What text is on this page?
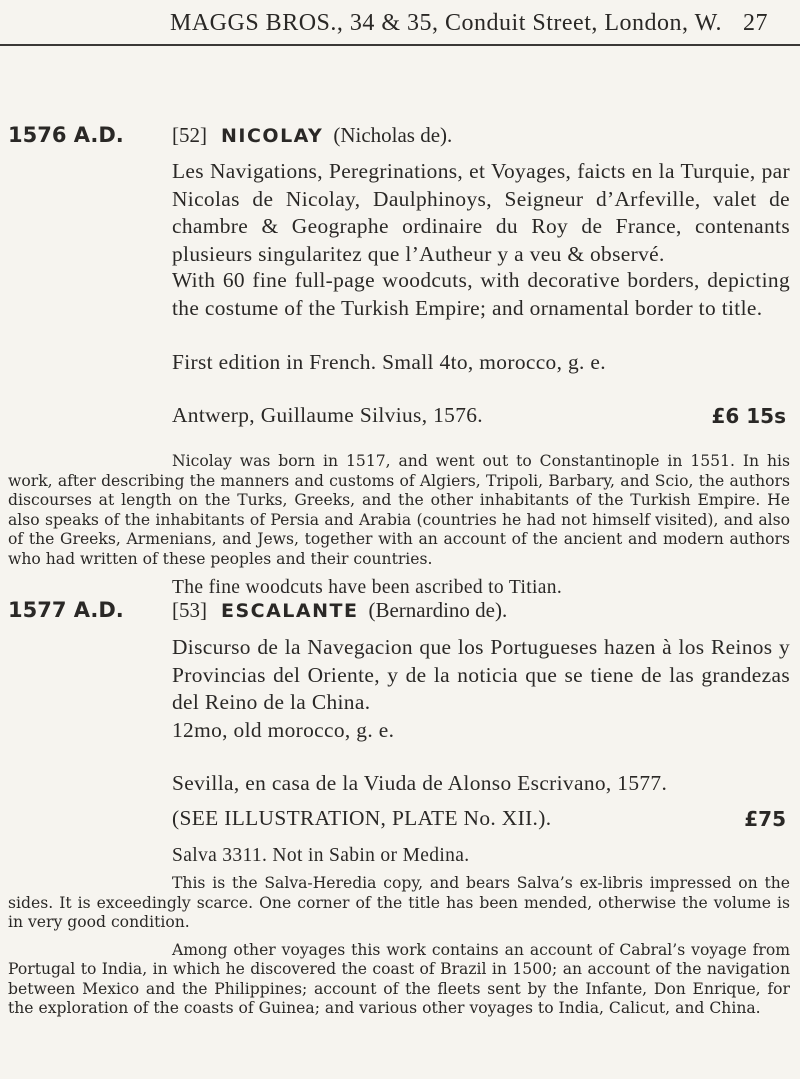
MAGGS BROS., 34 & 35, Conduit Street, London, W. 27
1576 A.D. [52] NICOLAY (Nicholas de).

Les Navigations, Peregrinations, et Voyages, faicts en la Turquie, par Nicolas de Nicolay, Daulphinoys, Seigneur d’Arfeville, valet de chambre & Geographe ordinaire du Roy de France, contenants plusieurs singularitez que l’Autheur y a veu & observé.

With 60 fine full-page woodcuts, with decorative borders, depicting the costume of the Turkish Empire; and ornamental border to title.

First edition in French. Small 4to, morocco, g. e.

Antwerp, Guillaume Silvius, 1576.	£6 15s

Nicolay was born in 1517, and went out to Constantinople in 1551. In his work, after describing the manners and customs of Algiers, Tripoli, Barbary, and Scio, the authors discourses at length on the Turks, Greeks, and the other inhabitants of the Turkish Empire. He also speaks of the inhabitants of Persia and Arabia (countries he had not himself visited), and also of the Greeks, Armenians, and Jews, together with an account of the ancient and modern authors who had written of these peoples and their countries.

The fine woodcuts have been ascribed to Titian.

1577 A.D. [53] ESCALANTE (Bernardino de).

Discurso de la Navegacion que los Portugueses hazen à los Reinos y Provincias del Oriente, y de la noticia que se tiene de las grandezas del Reino de la China.

12mo, old morocco, g. e.

Sevilla, en casa de la Viuda de Alonso Escrivano, 1577.

(SEE ILLUSTRATION, PLATE No. XII.).	£75

Salva 3311. Not in Sabin or Medina.

This is the Salva-Heredia copy, and bears Salva’s ex-libris impressed on the sides. It is exceedingly scarce. One corner of the title has been mended, otherwise the volume is in very good condition.

Among other voyages this work contains an account of Cabral’s voyage from Portugal to India, in which he discovered the coast of Brazil in 1500; an account of the navigation between Mexico and the Philippines; account of the fleets sent by the Infante, Don Enrique, for the exploration of the coasts of Guinea; and various other voyages to India, Calicut, and China.
